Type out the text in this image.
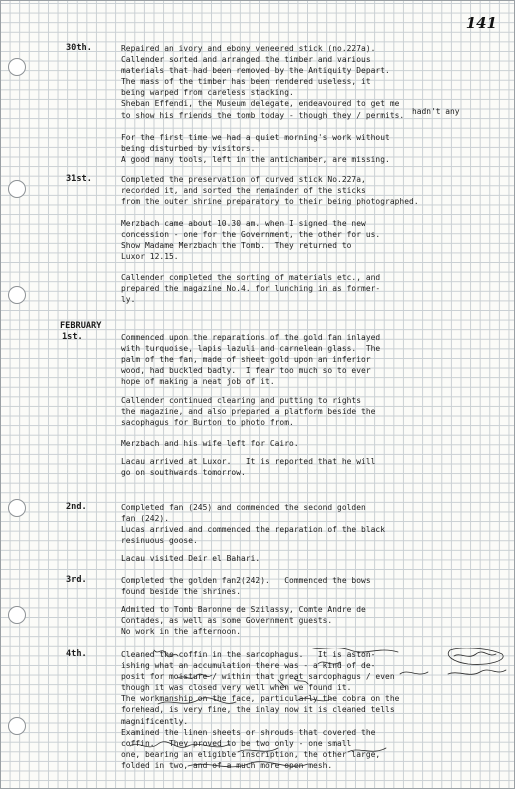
141
30th.	Repaired an ivory and ebony veneered stick (no.227a).
Callender sorted and arranged the timber and various
materials that had been removed by the Antiquity Depart.
The mass of the timber has been rendered useless, it
being warped from careless stacking.
Sheban Effendi, the Museum delegate, endeavoured to get me
to show his friends the tomb today - though they / permits.

For the first time we had a quiet morning's work without
being disturbed by visitors.
A good many tools, left in the antichamber, are missing.
hadn't any
31st.	Completed the preservation of curved stick No.227a,
recorded it, and sorted the remainder of the sticks
from the outer shrine preparatory to their being photographed.
Merzbach came about 10.30 am. when I signed the new
concession - one for the Government, the other for us.
Show Madame Merzbach the Tomb.  They returned to
Luxor 12.15.
Callender completed the sorting of materials etc., and
prepared the magazine No.4. for lunching in as former-
ly.
FEBRUARY
1st.	Commenced upon the reparations of the gold fan inlayed
with turquoise, lapis lazuli and carnelean glass.  The
palm of the fan, made of sheet gold upon an inferior
wood, had buckled badly.  I fear too much so to ever
hope of making a neat job of it.
Callender continued clearing and putting to rights
the magazine, and also prepared a platform beside the
sacophagus for Burton to photo from.
Merzbach and his wife left for Cairo.
Lacau arrived at Luxor.   It is reported that he will
go on southwards tomorrow.
2nd.	Completed fan (245) and commenced the second golden
fan (242).
Lucas arrived and commenced the reparation of the black
resinuous goose.
Lacau visited Deir el Bahari.
3rd.	Completed the golden fan2(242).   Commenced the bows
found beside the shrines.
Admited to Tomb Baronne de Szilassy, Comte Andre de
Contades, as well as some Government guests.
No work in the afternoon.
4th.	Cleaned the coffin in the sarcophagus.   It is aston-
ishing what an accumulation there was - a kind of de-
posit for moisture / within that great sarcophagus / even
though it was closed very well when we found it.
The workmanship on the face, particularly the cobra on the
forehead, is very fine, the inlay now it is cleaned tells
magnificently.
Examined the linen sheets or shrouds that covered the
coffin.   They proved to be two only - one small
one, bearing an eligible inscription, the other large,
folded in two, and of a much more open mesh.
